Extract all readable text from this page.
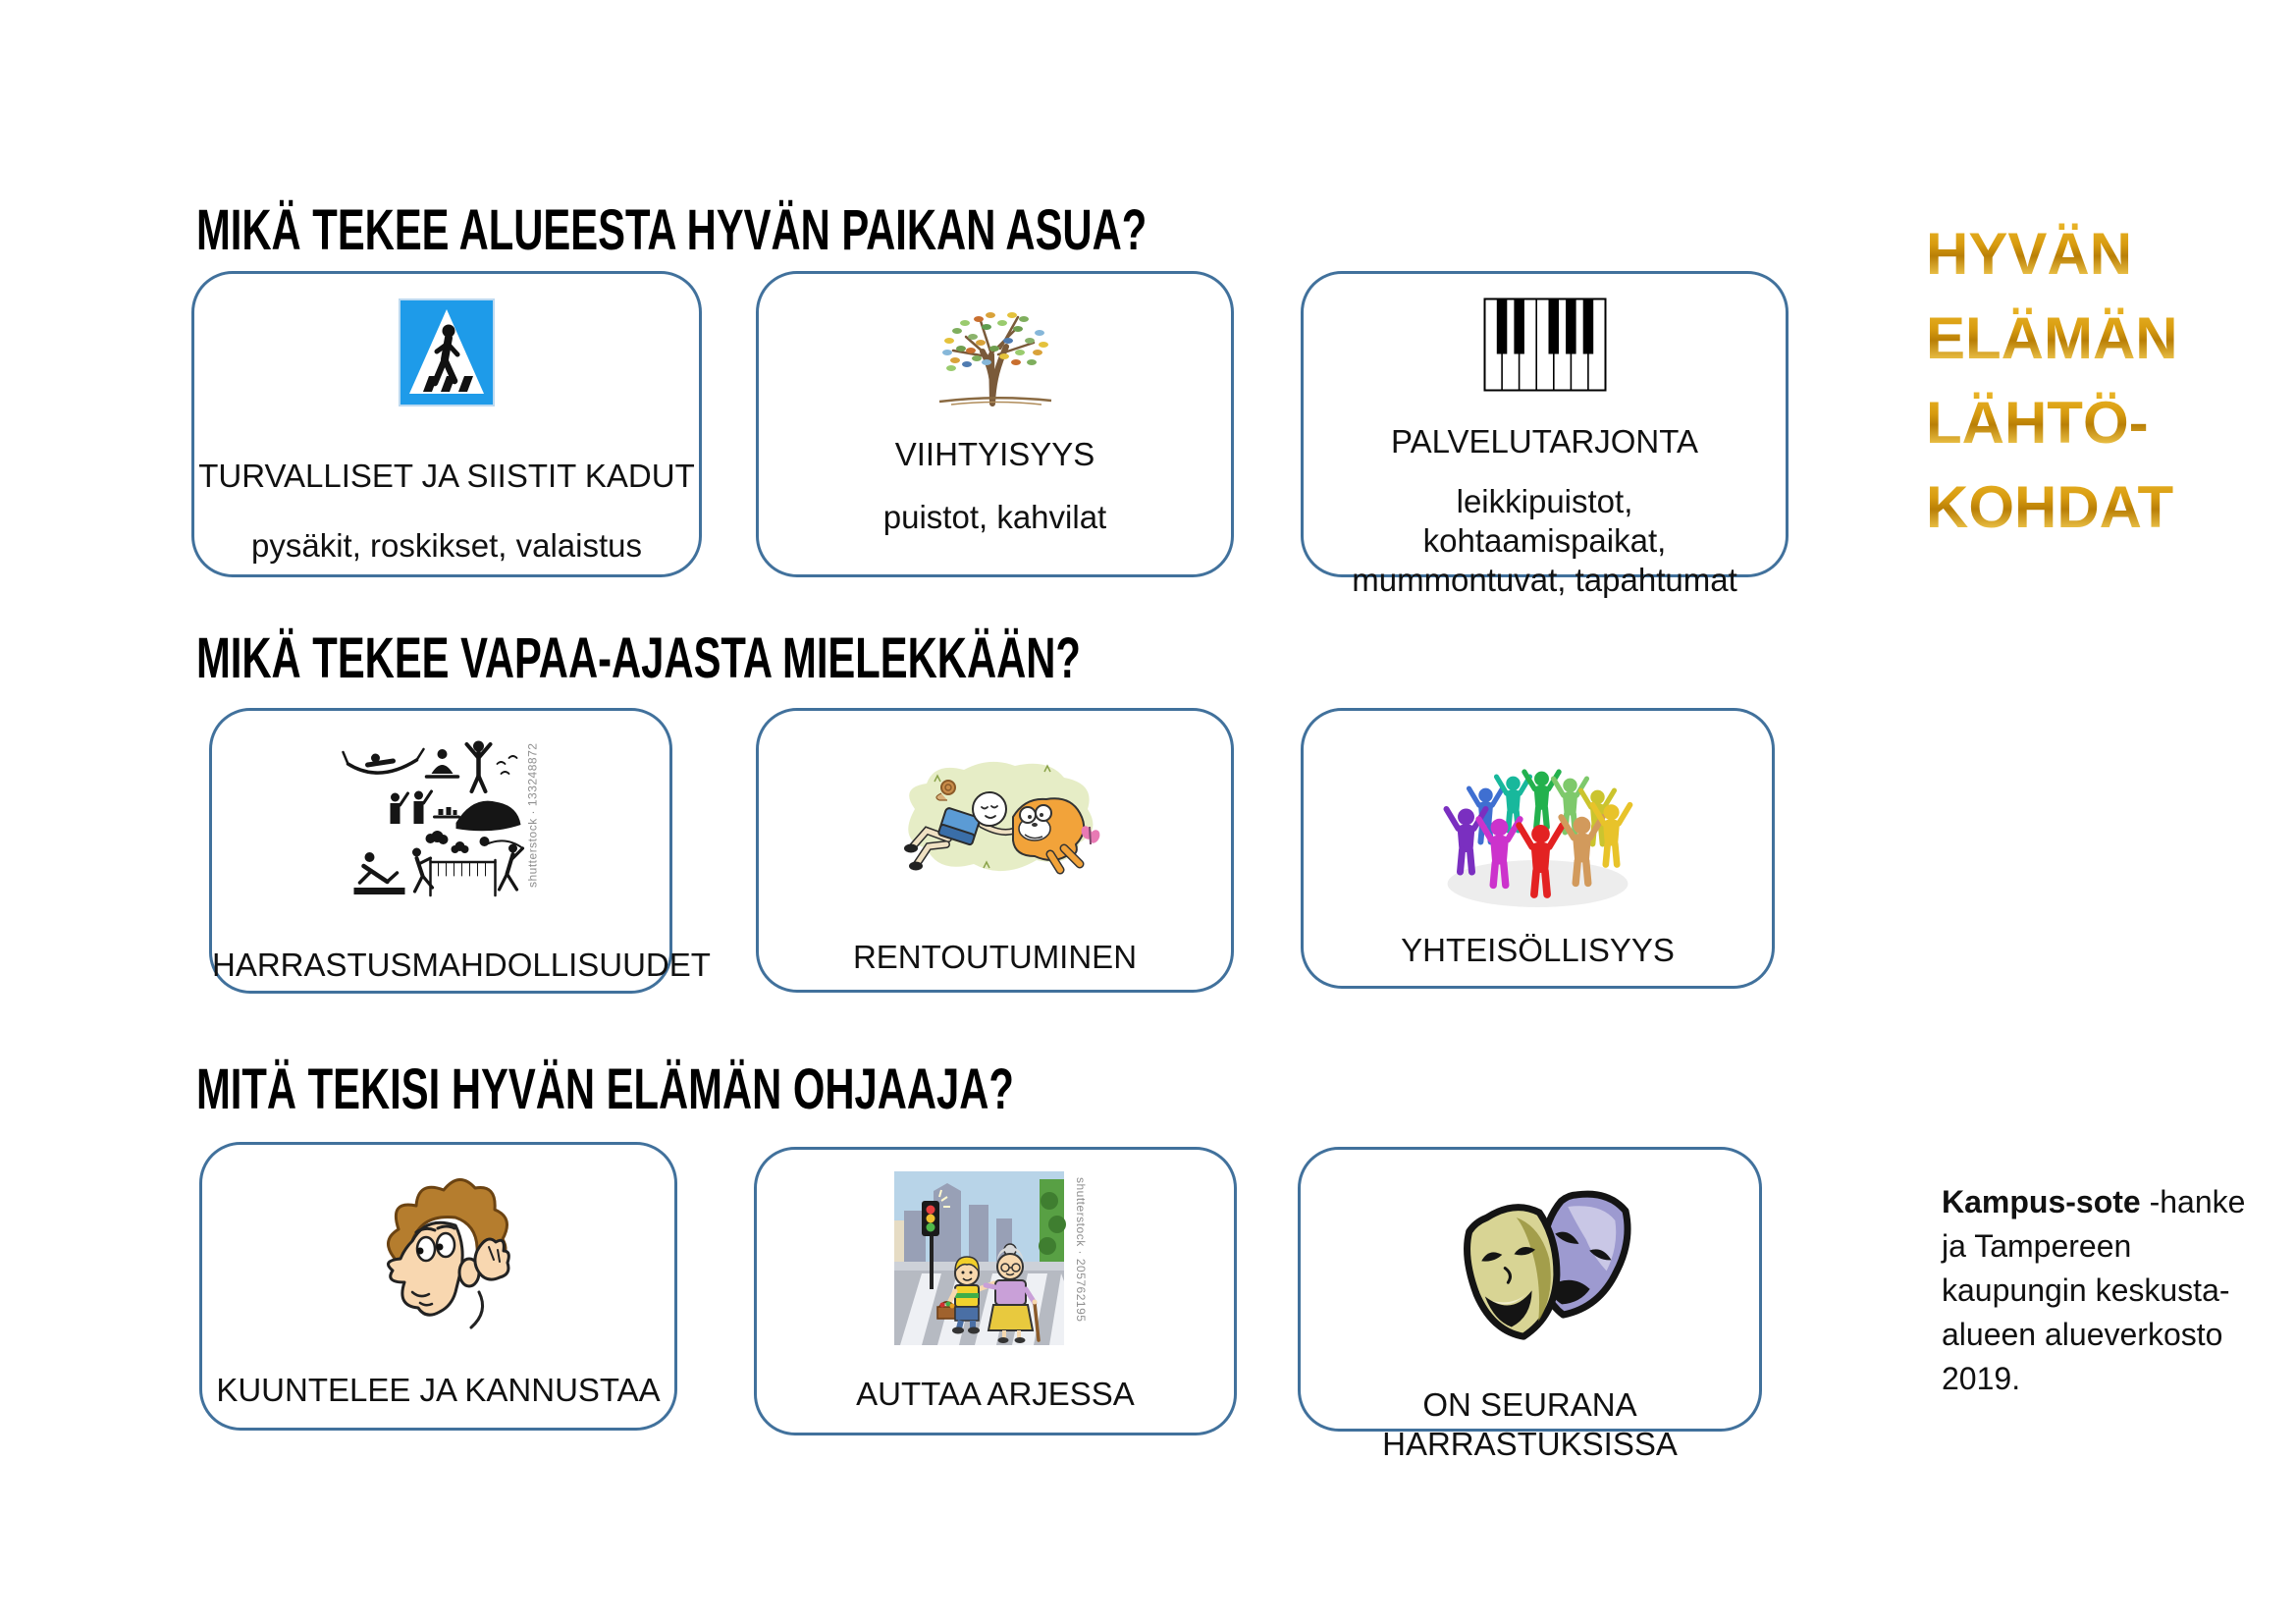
MIKÄ TEKEE ALUEESTA HYVÄN PAIKAN ASUA?
TURVALLISET JA SIISTIT KADUT
pysäkit, roskikset, valaistus
VIIHTYISYYS
puistot, kahvilat
PALVELUTARJONTA
leikkipuistot, kohtaamispaikat, mummontuvat, tapahtumat
MIKÄ TEKEE VAPAA-AJASTA MIELEKKÄÄN?
shutterstock · 133248872
HARRASTUSMAHDOLLISUUDET	RENTOUTUMINEN	YHTEISÖLLISYYS
MITÄ TEKISI HYVÄN ELÄMÄN OHJAAJA?
KUUNTELEE JA KANNUSTAA
shutterstock · 205762195
AUTTAA ARJESSA	ON SEURANA HARRASTUKSISSA
HYVÄN
ELÄMÄN
LÄHTÖ-
KOHDAT
Kampus-sote -hanke
ja Tampereen
kaupungin keskusta-
alueen alueverkosto
2019.
